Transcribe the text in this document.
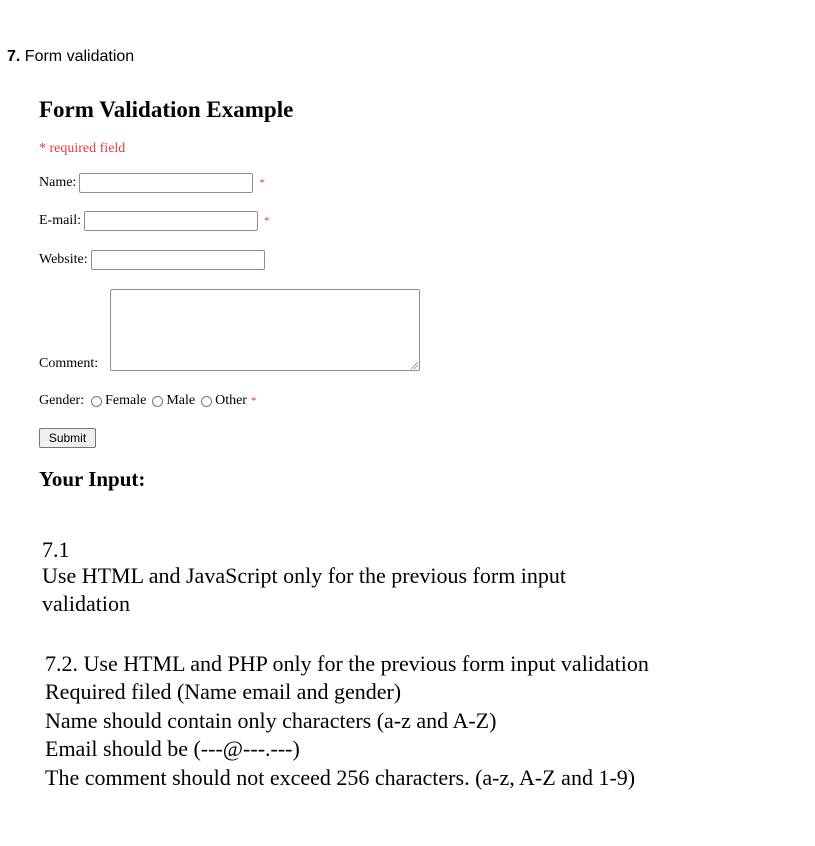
7. Form validation
Form Validation Example
* required field
Name:	*
E-mail:	*
Website:
Comment:
Gender: Female Male Other *
Submit
Your Input:
7.1
Use HTML and JavaScript only for the previous form input
validation
7.2. Use HTML and PHP only for the previous form input validation
Required filed (Name email and gender)
Name should contain only characters (a-z and A-Z)
Email should be (---@---.---)
The comment should not exceed 256 characters. (a-z, A-Z and 1-9)
